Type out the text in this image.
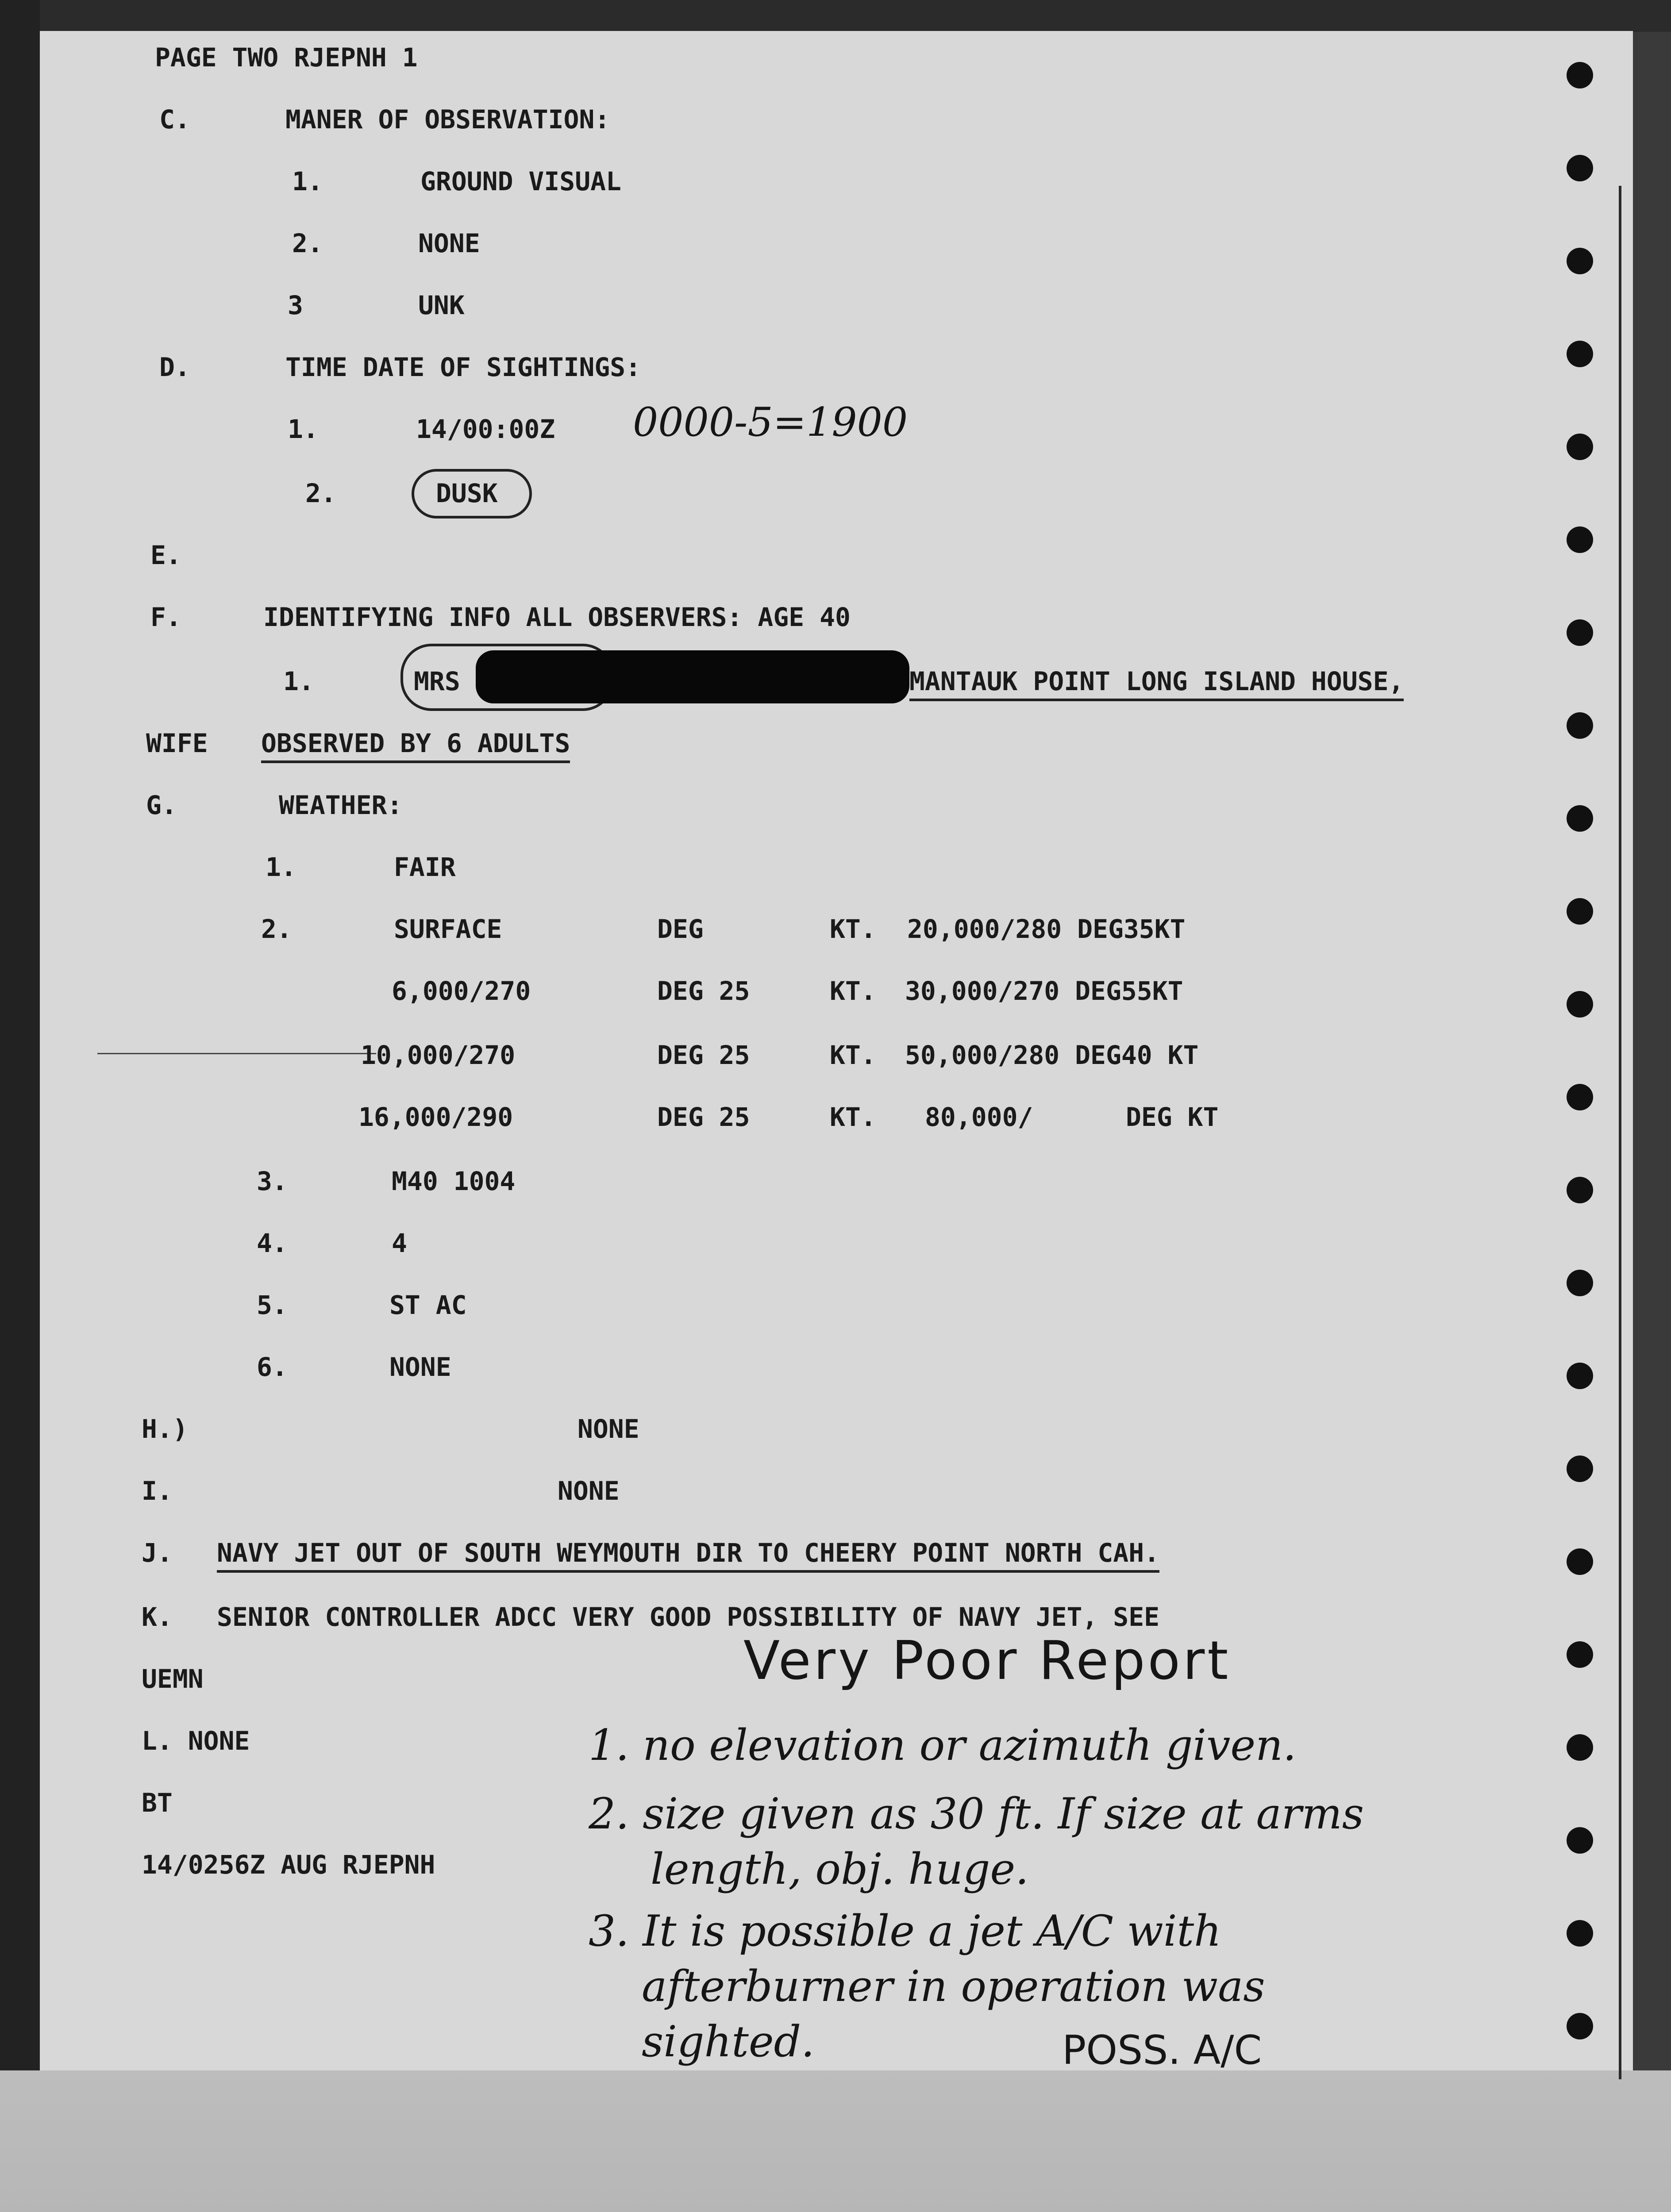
PAGE TWO RJEPNH 1
C.	MANER OF OBSERVATION:
1.	GROUND VISUAL
2.	NONE
3	UNK
D.	TIME DATE OF SIGHTINGS:
1.	14/00:00Z 0000-5=1900
2.	DUSK
E.
F.	IDENTIFYING INFO ALL OBSERVERS: AGE 40
1.	MRS	MANTAUK POINT LONG ISLAND HOUSE,
WIFE OBSERVED BY 6 ADULTS
G.	WEATHER:
1.	FAIR
2.	SURFACE	DEG	KT. 20,000/280 DEG35KT
6,000/270	DEG 25	KT. 30,000/270 DEG55KT
10,000/270	DEG 25	KT. 50,000/280 DEG40 KT
16,000/290	DEG 25	KT. 80,000/      DEG KT
3.	M40 1004
4.	4
5.	ST AC
6.	NONE
H.)	NONE
I.	NONE
J. NAVY JET OUT OF SOUTH WEYMOUTH DIR TO CHEERY POINT NORTH CAH.
K. SENIOR CONTROLLER ADCC VERY GOOD POSSIBILITY OF NAVY JET, SEE
UEMN
L. NONE
BT
14/0256Z AUG RJEPNH
Very Poor Report
1. no elevation or azimuth given.
2. size given as 30 ft. If size at arms
length, obj. huge.
3. It is possible a jet A/C with
afterburner in operation was
sighted.	POSS. A/C
